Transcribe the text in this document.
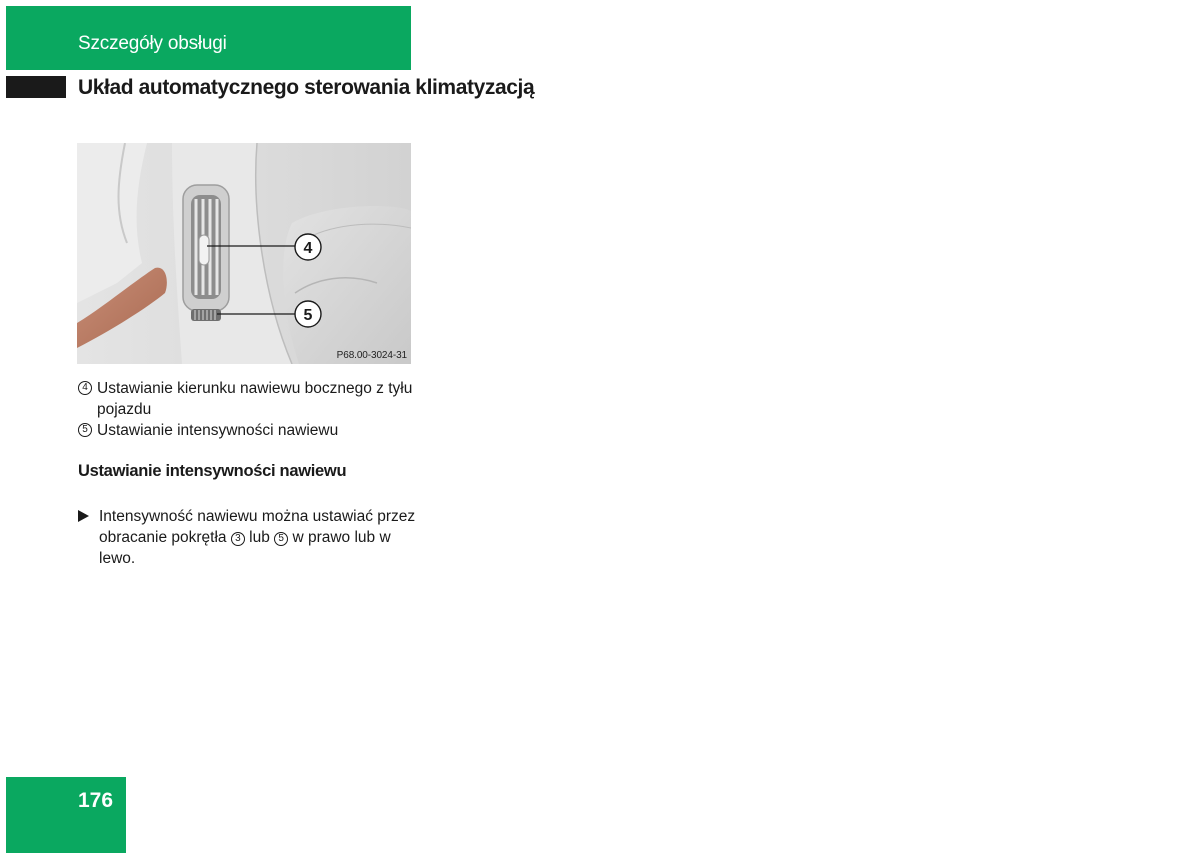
Szczegóły obsługi
Układ automatycznego sterowania klimatyzacją
4
5
P68.00-3024-31
4 Ustawianie kierunku nawiewu bocznego z tyłu pojazdu
5 Ustawianie intensywności nawiewu
Ustawianie intensywności nawiewu
Intensywność nawiewu można ustawiać przez obracanie pokrętła 3 lub 5 w prawo lub w lewo.
176
